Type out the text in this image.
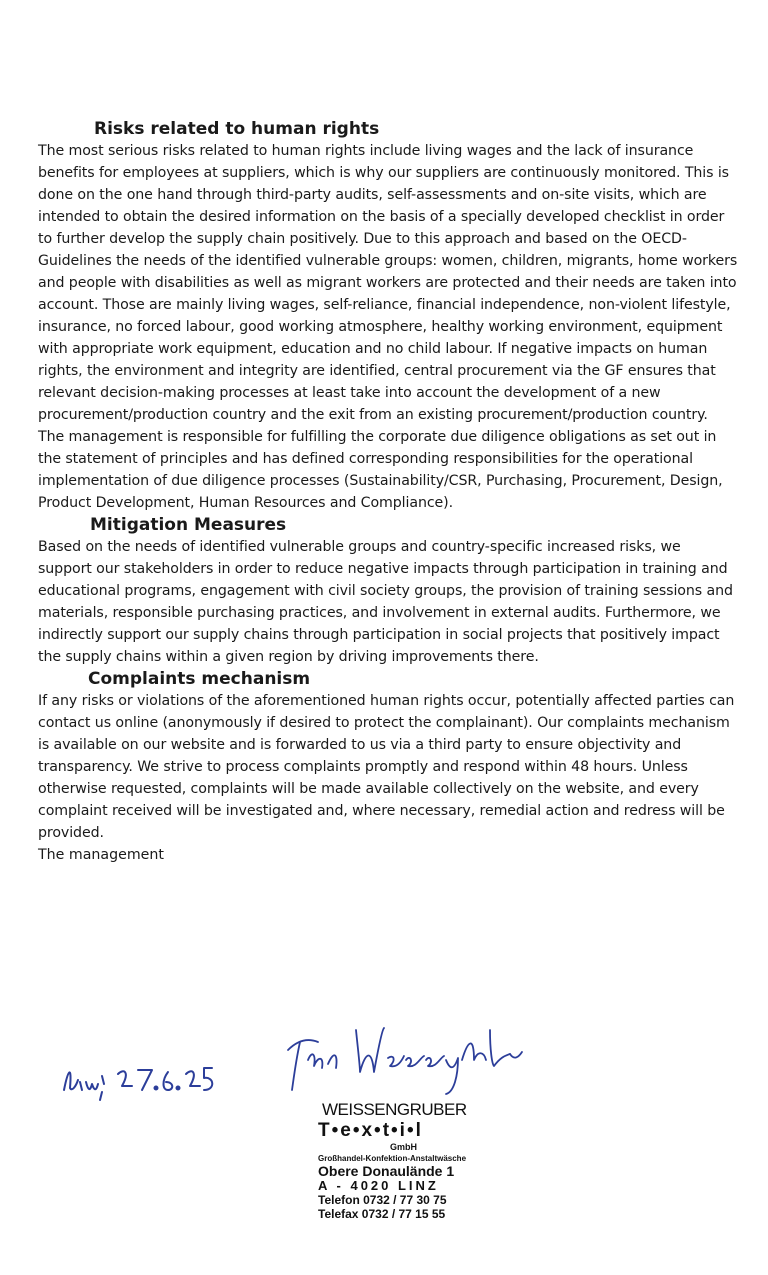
Risks related to human rights

The most serious risks related to human rights include living wages and the lack of insurance benefits for employees at suppliers, which is why our suppliers are continuously monitored. This is done on the one hand through third-party audits, self-assessments and on-site visits, which are intended to obtain the desired information on the basis of a specially developed checklist in order to further develop the supply chain positively. Due to this approach and based on the OECD-Guidelines the needs of the identified vulnerable groups: women, children, migrants, home workers and people with disabilities as well as migrant workers are protected and their needs are taken into account. Those are mainly living wages, self-reliance, financial independence, non-violent lifestyle, insurance, no forced labour, good working atmosphere, healthy working environment, equipment with appropriate work equipment, education and no child labour. If negative impacts on human rights, the environment and integrity are identified, central procurement via the GF ensures that relevant decision-making processes at least take into account the development of a new procurement/production country and the exit from an existing procurement/production country. The management is responsible for fulfilling the corporate due diligence obligations as set out in the statement of principles and has defined corresponding responsibilities for the operational implementation of due diligence processes (Sustainability/CSR, Purchasing, Procurement, Design, Product Development, Human Resources and Compliance).

Mitigation Measures

Based on the needs of identified vulnerable groups and country-specific increased risks, we support our stakeholders in order to reduce negative impacts through participation in training and educational programs, engagement with civil society groups, the provision of training sessions and materials, responsible purchasing practices, and involvement in external audits. Furthermore, we indirectly support our supply chains through participation in social projects that positively impact the supply chains within a given region by driving improvements there.

Complaints mechanism

If any risks or violations of the aforementioned human rights occur, potentially affected parties can contact us online (anonymously if desired to protect the complainant). Our complaints mechanism is available on our website and is forwarded to us via a third party to ensure objectivity and transparency. We strive to process complaints promptly and respond within 48 hours. Unless otherwise requested, complaints will be made available collectively on the website, and every complaint received will be investigated and, where necessary, remedial action and redress will be provided.

The management

WEISSENGRUBER
T•e•x•t•i•l
GmbH
Großhandel-Konfektion-Anstaltwäsche
Obere Donaulände 1
A - 4020 LINZ
Telefon 0732 / 77 30 75
Telefax 0732 / 77 15 55
